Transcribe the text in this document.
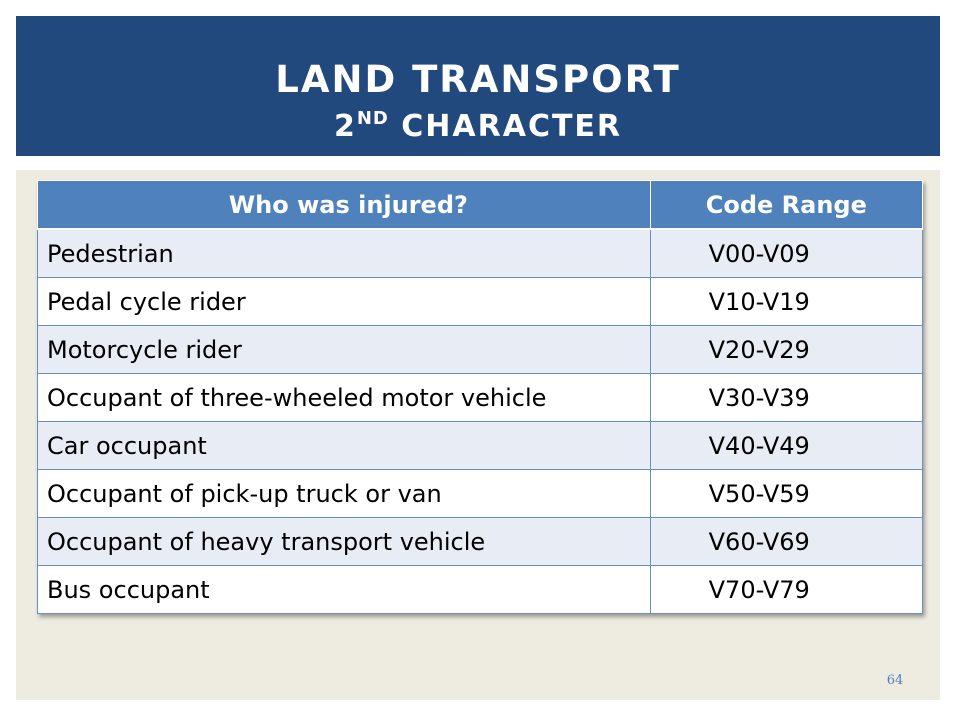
LAND TRANSPORT
2ND CHARACTER
Who was injured?	Code Range
Pedestrian	V00-V09
Pedal cycle rider	V10-V19
Motorcycle rider	V20-V29
Occupant of three-wheeled motor vehicle	V30-V39
Car occupant	V40-V49
Occupant of pick-up truck or van	V50-V59
Occupant of heavy transport vehicle	V60-V69
Bus occupant	V70-V79
64
